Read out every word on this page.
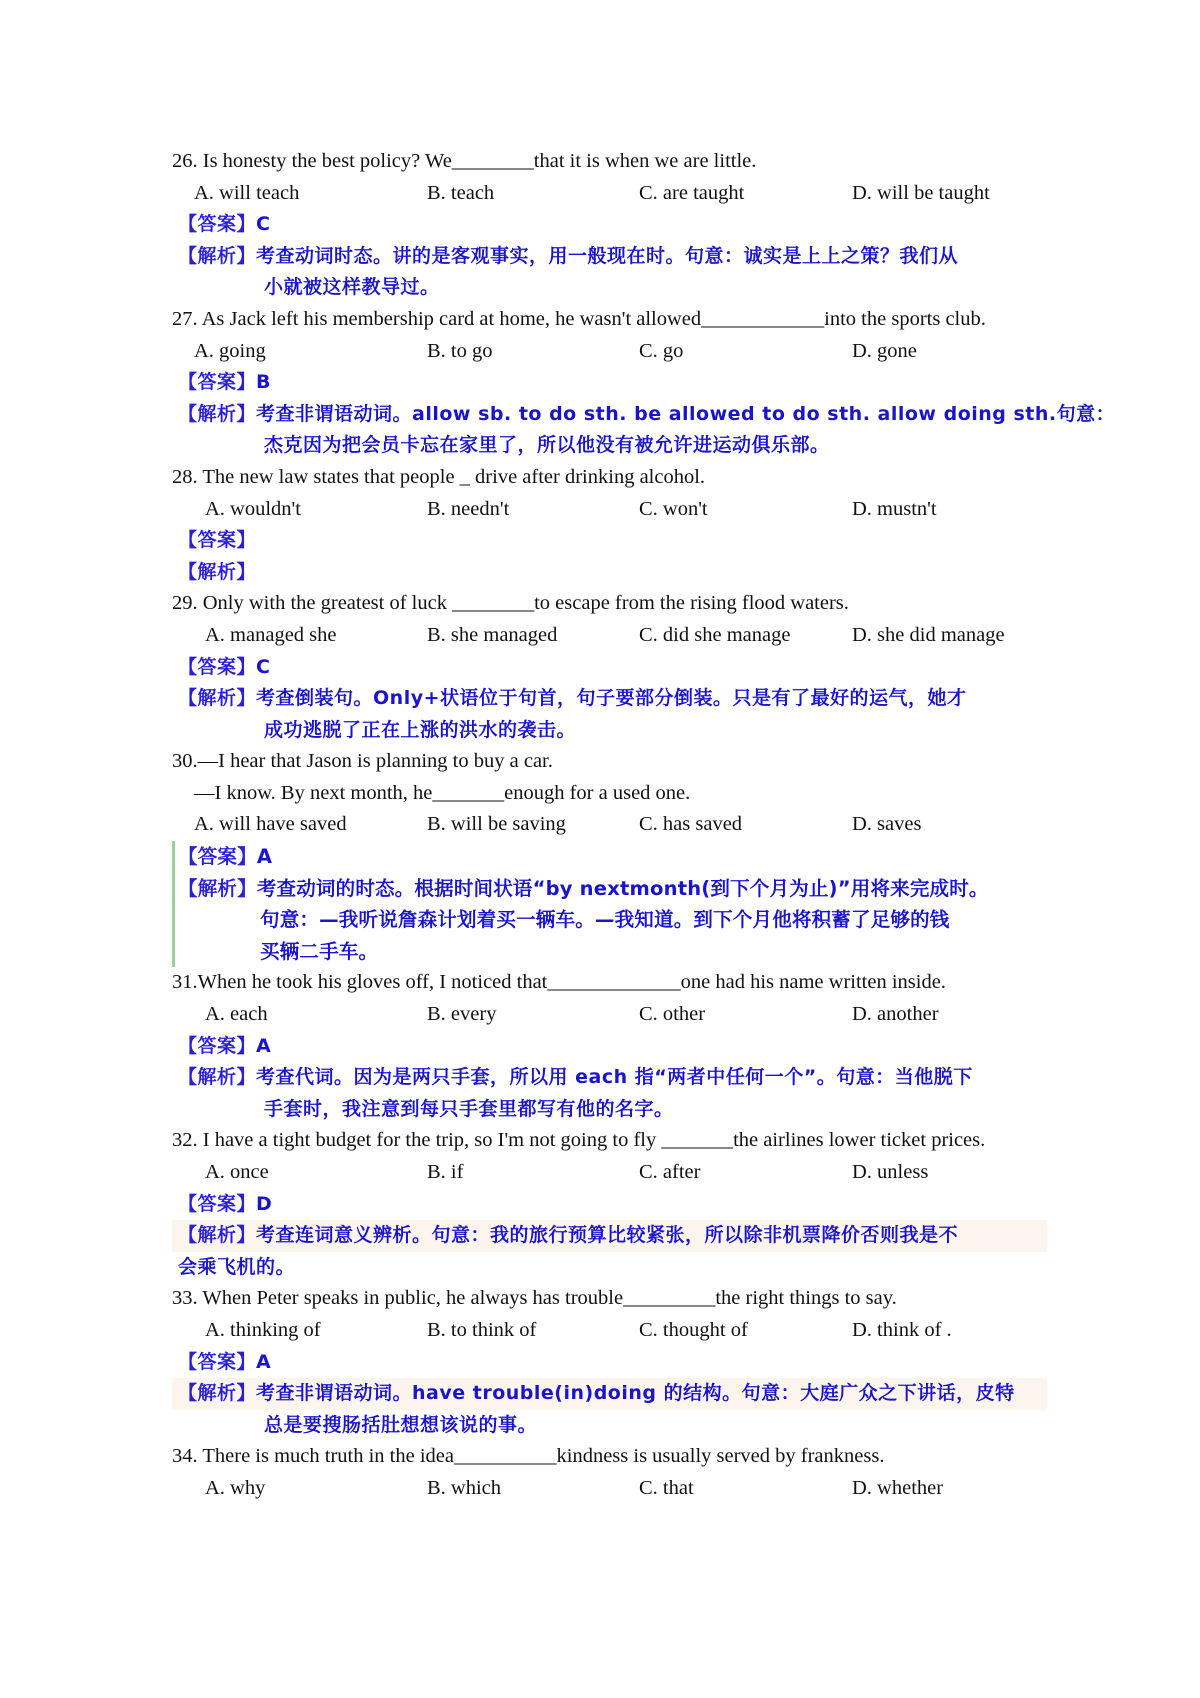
26. Is honesty the best policy? We________that it is when we are little.
A. will teach	B. teach	C. are taught	D. will be taught
【答案】C
【解析】考查动词时态。讲的是客观事实，用一般现在时。句意：诚实是上上之策？我们从
小就被这样教导过。
27. As Jack left his membership card at home, he wasn't allowed____________into the sports club.
A. going	B. to go	C. go	D. gone
【答案】B
【解析】考查非谓语动词。allow sb. to do sth. be allowed to do sth. allow doing sth.句意：
杰克因为把会员卡忘在家里了，所以他没有被允许进运动俱乐部。
28. The new law states that people _ drive after drinking alcohol.
A. wouldn't	B. needn't	C. won't	D. mustn't
【答案】
【解析】
29. Only with the greatest of luck ________to escape from the rising flood waters.
A. managed she	B. she managed	C. did she manage	D. she did manage
【答案】C
【解析】考查倒装句。Only+状语位于句首，句子要部分倒装。只是有了最好的运气，她才
成功逃脱了正在上涨的洪水的袭击。
30.—I hear that Jason is planning to buy a car.
—I know. By next month, he_______enough for a used one.
A. will have saved	B. will be saving	C. has saved	D. saves
【答案】A
【解析】考查动词的时态。根据时间状语“by nextmonth(到下个月为止)”用将来完成时。
句意：—我听说詹森计划着买一辆车。—我知道。到下个月他将积蓄了足够的钱
买辆二手车。
31.When he took his gloves off, I noticed that_____________one had his name written inside.
A. each	B. every	C. other	D. another
【答案】A
【解析】考查代词。因为是两只手套，所以用 each 指“两者中任何一个”。句意：当他脱下
手套时，我注意到每只手套里都写有他的名字。
32. I have a tight budget for the trip, so I'm not going to fly _______the airlines lower ticket prices.
A. once	B. if	C. after	D. unless
【答案】D
【解析】考查连词意义辨析。句意：我的旅行预算比较紧张，所以除非机票降价否则我是不
会乘飞机的。
33. When Peter speaks in public, he always has trouble_________the right things to say.
A. thinking of	B. to think of	C. thought of	D. think of .
【答案】A
【解析】考查非谓语动词。have trouble(in)doing 的结构。句意：大庭广众之下讲话，皮特
总是要搜肠括肚想想该说的事。
34. There is much truth in the idea__________kindness is usually served by frankness.
A. why	B. which	C. that	D. whether
